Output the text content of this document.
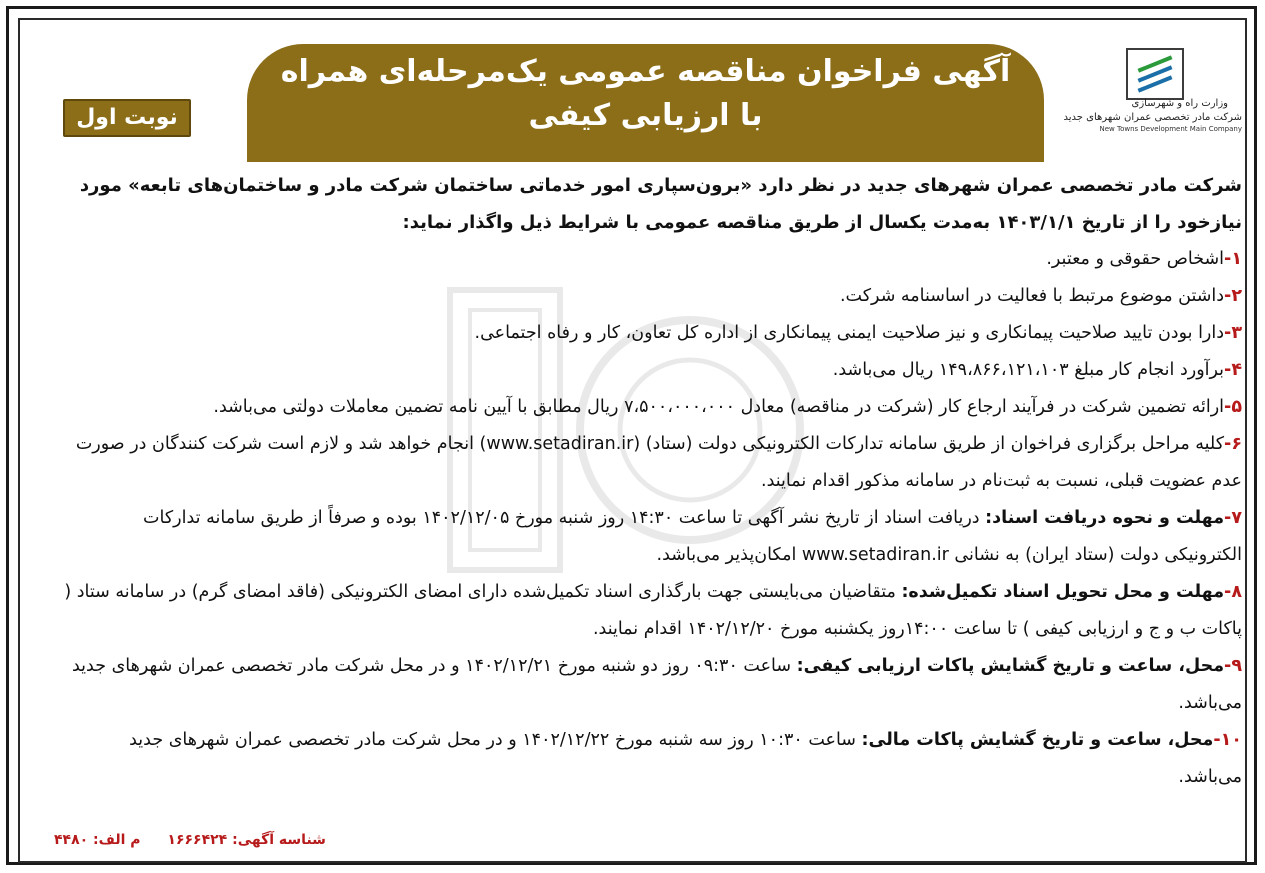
آگهی فراخوان مناقصه عمومی یک‌مرحله‌ای همراه
با ارزیابی کیفی
نوبت اول
وزارت راه و شهرسازی
شرکت مادر تخصصی عمران شهرهای جدید
New Towns Development Main Company
شرکت مادر تخصصی عمران شهرهای جدید در نظر دارد «برون‌سپاری امور خدماتی ساختمان شرکت مادر و ساختمان‌های تابعه» مورد نیازخود را از تاریخ ۱۴۰۳/۱/۱ به‌مدت یکسال از طریق مناقصه عمومی با شرایط ذیل واگذار نماید:
۱-اشخاص حقوقی و معتبر.
۲-داشتن موضوع مرتبط با فعالیت در اساسنامه شرکت.
۳-دارا بودن تایید صلاحیت پیمانکاری و نیز صلاحیت ایمنی پیمانکاری از اداره کل تعاون، کار و رفاه اجتماعی.
۴-برآورد انجام کار مبلغ ۱۴۹،۸۶۶،۱۲۱،۱۰۳ ریال می‌باشد.
۵-ارائه تضمین شرکت در فرآیند ارجاع کار (شرکت در مناقصه) معادل ۷،۵۰۰،۰۰۰،۰۰۰ ریال مطابق با آیین نامه تضمین معاملات دولتی می‌باشد.
۶-کلیه مراحل برگزاری فراخوان از طریق سامانه تدارکات الکترونیکی دولت (ستاد) (www.setadiran.ir) انجام خواهد شد و لازم است شرکت کنندگان در صورت عدم عضویت قبلی، نسبت به ثبت‌نام در سامانه مذکور اقدام نمایند.
۷-مهلت و نحوه دریافت اسناد: دریافت اسناد از تاریخ نشر آگهی تا ساعت ۱۴:۳۰ روز شنبه مورخ ۱۴۰۲/۱۲/۰۵ بوده و صرفاً از طریق سامانه تدارکات الکترونیکی دولت (ستاد ایران) به نشانی www.setadiran.ir امکان‌پذیر می‌باشد.
۸-مهلت و محل تحویل اسناد تکمیل‌شده: متقاضیان می‌بایستی جهت بارگذاری اسناد تکمیل‌شده دارای امضای الکترونیکی (فاقد امضای گرم) در سامانه ستاد ( پاکات ب و ج و ارزیابی کیفی ) تا ساعت ۱۴:۰۰روز یکشنبه مورخ ۱۴۰۲/۱۲/۲۰ اقدام نمایند.
۹-محل، ساعت و تاریخ گشایش پاکات ارزیابی کیفی: ساعت ۰۹:۳۰ روز دو شنبه مورخ ۱۴۰۲/۱۲/۲۱ و در محل شرکت مادر تخصصی عمران شهرهای جدید می‌باشد.
۱۰-محل، ساعت و تاریخ گشایش پاکات مالی: ساعت ۱۰:۳۰ روز سه شنبه مورخ ۱۴۰۲/۱۲/۲۲ و در محل شرکت مادر تخصصی عمران شهرهای جدید می‌باشد.
شناسه آگهی: ۱۶۶۶۴۲۴ م الف: ۴۴۸۰
